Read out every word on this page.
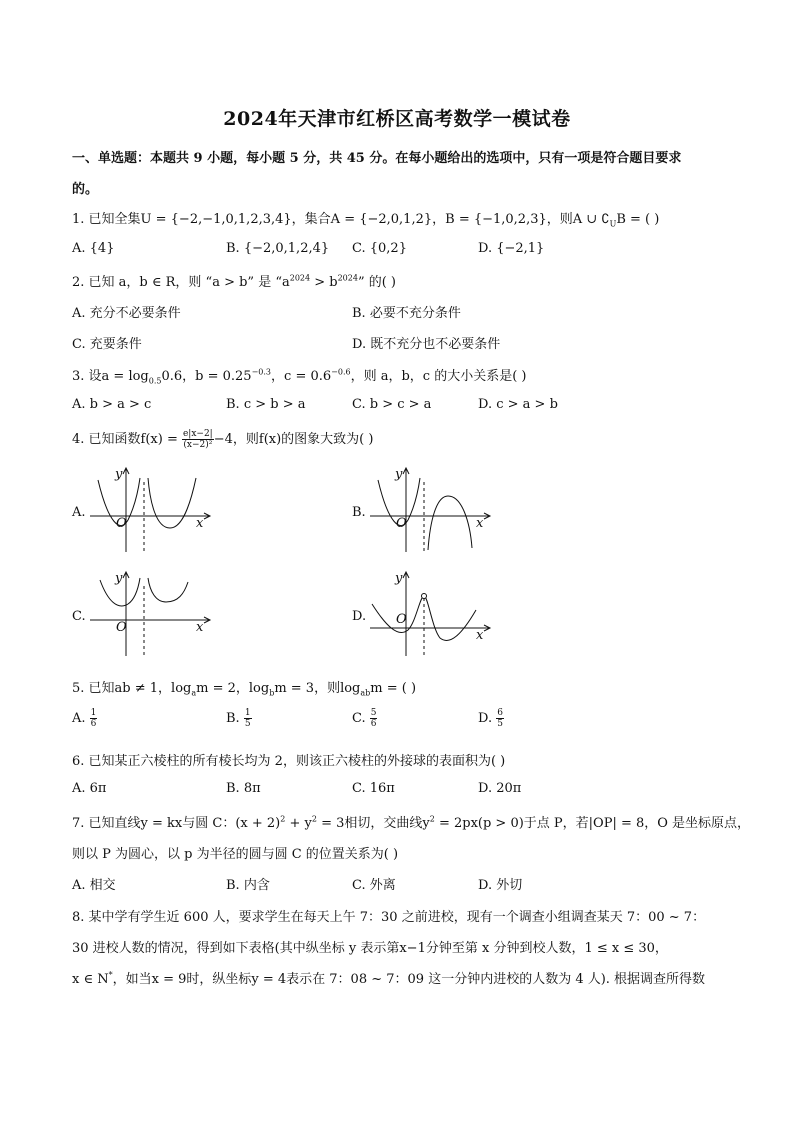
2024年天津市红桥区高考数学一模试卷
一、单选题：本题共 9 小题，每小题 5 分，共 45 分。在每小题给出的选项中，只有一项是符合题目要求
的。
1. 已知全集U = {−2,−1,0,1,2,3,4}，集合A = {−2,0,1,2}，B = {−1,0,2,3}，则A ∪ $∁_UB$ = ( )
A. {4}	B. {−2,0,1,2,4} C. {0,2}	D. {−2,1}
2. 已知 a，b ∈ R，则 “a > b” 是 “$a^{2024} > b^{2024}$” 的( )
A. 充分不必要条件	B. 必要不充分条件
C. 充要条件	D. 既不充分也不必要条件
3. 设$a = \log_{0.5}0.6$，$b = 0.25^{-0.3}$，$c = 0.6^{-0.6}$，则 a，b，c 的大小关系是( )
A. b > a > c	B. c > b > a	C. b > c > a	D. c > a > b
4. 已知函数$f(x) = \frac{e|x-2|}{\text{(x−2)²}} -4$，则f(x)的图象大致为( )
A.
y
x
O
B.
y
x
O
C.
y
x
O
D.
y
x
O
5. 已知ab ≠ 1，$\log_am = 2$，$\log_bm = 3$，则$\log_{ab}m$ = ( )
A. $\frac{1}{6}$	B. $\frac{1}{5}$	C. $\frac{5}{6}$	D. $\frac{6}{5}$
6. 已知某正六棱柱的所有棱长均为 2，则该正六棱柱的外接球的表面积为( )
A. 6π	B. 8π	C. 16π	D. 20π
7. 已知直线y = kx与圆 C：$(x + 2)^2 + y^2 = 3$相切，交曲线$y^2 = 2px(p > 0)$于点 P，若|OP| = 8，O 是坐标原点，
则以 P 为圆心，以 p 为半径的圆与圆 C 的位置关系为( )
A. 相交	B. 内含	C. 外离	D. 外切
8. 某中学有学生近 600 人，要求学生在每天上午 7：30 之前进校，现有一个调查小组调查某天 7：00 ~ 7：
30 进校人数的情况，得到如下表格(其中纵坐标 y 表示第x−1分钟至第 x 分钟到校人数，1 ≤ x ≤ 30，
x ∈ N*，如当x = 9时，纵坐标y = 4表示在 7：08 ~ 7：09 这一分钟内进校的人数为 4 人). 根据调查所得数
